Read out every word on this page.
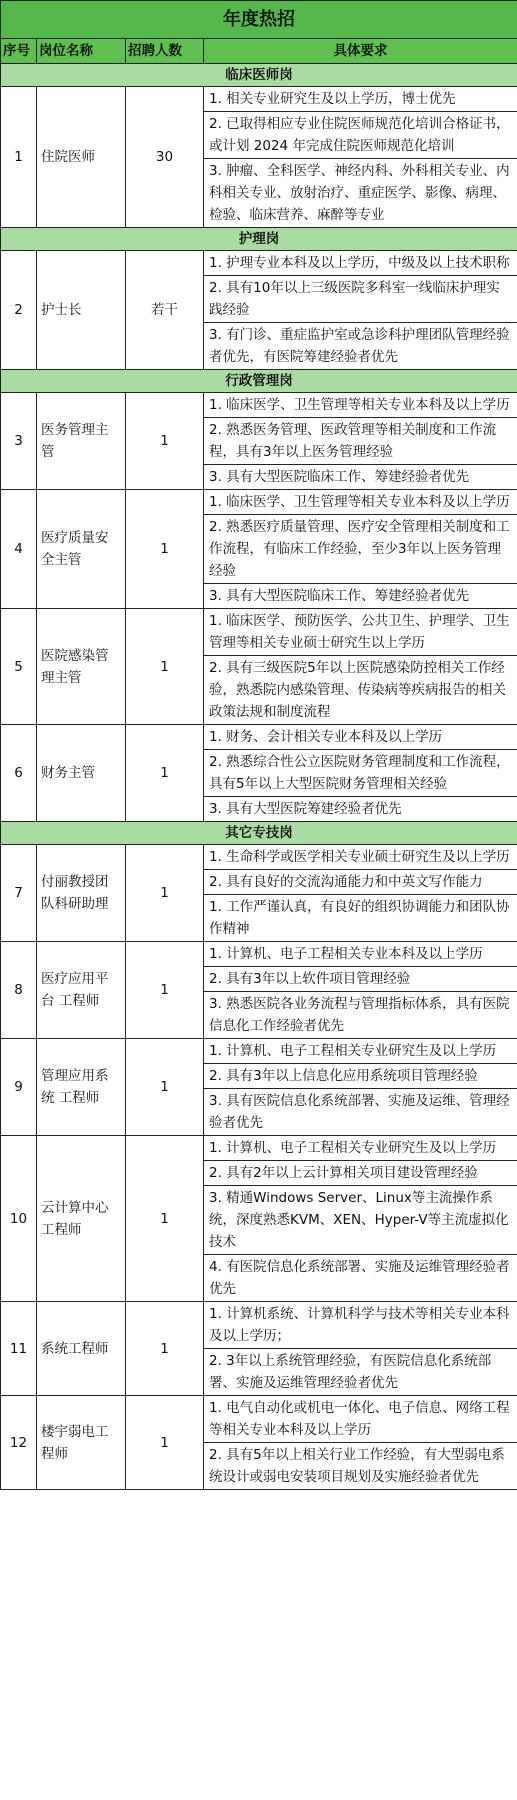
年度热招			
序号	岗位名称	招聘人数	具体要求
临床医师岗			
1	住院医师	30	1. 相关专业研究生及以上学历，博士优先
			2. 已取得相应专业住院医师规范化培训合格证书，或计划 2024 年完成住院医师规范化培训
			3. 肿瘤、全科医学、神经内科、外科相关专业、内科相关专业、放射治疗、重症医学、影像、病理、检验、临床营养、麻醉等专业
护理岗			
2	护士长	若干	1. 护理专业本科及以上学历，中级及以上技术职称
			2. 具有10年以上三级医院多科室一线临床护理实践经验
			3. 有门诊、重症监护室或急诊科护理团队管理经验者优先，有医院筹建经验者优先
行政管理岗			
3	医务管理主管	1	1. 临床医学、卫生管理等相关专业本科及以上学历
			2. 熟悉医务管理、医政管理等相关制度和工作流程，具有3年以上医务管理经验
			3. 具有大型医院临床工作、筹建经验者优先
4	医疗质量安全主管	1	1. 临床医学、卫生管理等相关专业本科及以上学历
			2. 熟悉医疗质量管理、医疗安全管理相关制度和工作流程，有临床工作经验，至少3年以上医务管理经验
			3. 具有大型医院临床工作、筹建经验者优先
5	医院感染管理主管	1	1. 临床医学、预防医学、公共卫生、护理学、卫生管理等相关专业硕士研究生以上学历
			2. 具有三级医院5年以上医院感染防控相关工作经验，熟悉院内感染管理、传染病等疾病报告的相关政策法规和制度流程
6	财务主管	1	1. 财务、会计相关专业本科及以上学历
			2. 熟悉综合性公立医院财务管理制度和工作流程，具有5年以上大型医院财务管理相关经验
			3. 具有大型医院筹建经验者优先
其它专技岗			
7	付丽教授团队科研助理	1	1. 生命科学或医学相关专业硕士研究生及以上学历
			2. 具有良好的交流沟通能力和中英文写作能力
			1. 工作严谨认真，有良好的组织协调能力和团队协作精神
8	医疗应用平台 工程师	1	1. 计算机、电子工程相关专业本科及以上学历
			2. 具有3年以上软件项目管理经验
			3. 熟悉医院各业务流程与管理指标体系，具有医院信息化工作经验者优先
9	管理应用系统 工程师	1	1. 计算机、电子工程相关专业研究生及以上学历
			2. 具有3年以上信息化应用系统项目管理经验
			3. 具有医院信息化系统部署、实施及运维、管理经验者优先
10	云计算中心工程师	1	1. 计算机、电子工程相关专业研究生及以上学历
			2. 具有2年以上云计算相关项目建设管理经验
			3. 精通Windows Server、Linux等主流操作系统，深度熟悉KVM、XEN、Hyper-V等主流虚拟化技术
			4. 有医院信息化系统部署、实施及运维管理经验者优先
11	系统工程师	1	1. 计算机系统、计算机科学与技术等相关专业本科及以上学历；
			2. 3年以上系统管理经验，有医院信息化系统部署、实施及运维管理经验者优先
12	楼宇弱电工程师	1	1. 电气自动化或机电一体化、电子信息、网络工程等相关专业本科及以上学历
			2. 具有5年以上相关行业工作经验，有大型弱电系统设计或弱电安装项目规划及实施经验者优先
